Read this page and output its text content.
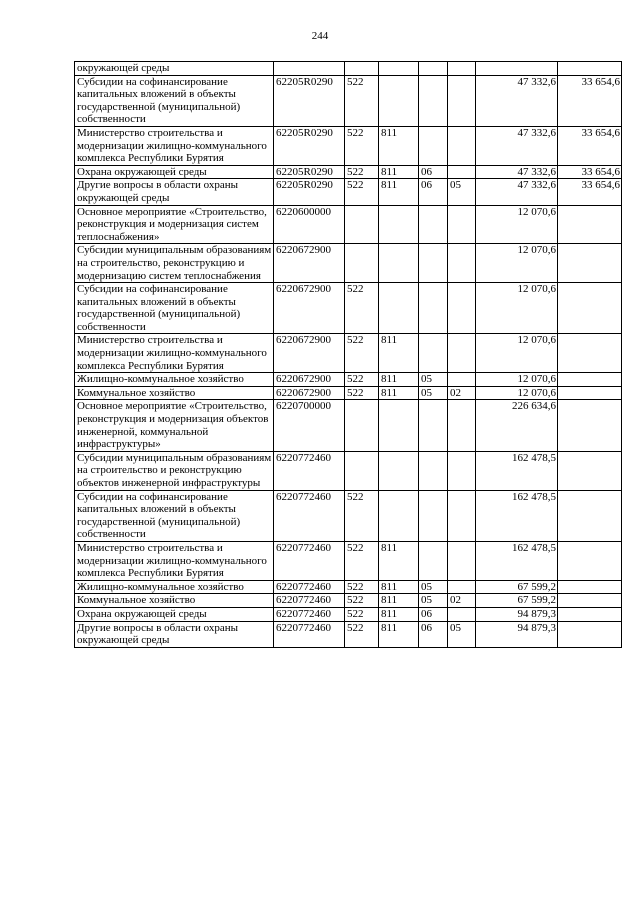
244
окружающей среды							
Субсидии на софинансирование капитальных вложений в объекты государственной (муниципальной) собственности	62205R0290	522				47 332,6	33 654,6
Министерство строительства и модернизации жилищно-коммунального комплекса Республики Бурятия	62205R0290	522	811			47 332,6	33 654,6
Охрана окружающей среды	62205R0290	522	811	06		47 332,6	33 654,6
Другие вопросы в области охраны окружающей среды	62205R0290	522	811	06	05	47 332,6	33 654,6
Основное мероприятие «Строительство, реконструкция и модернизация систем теплоснабжения»	6220600000					12 070,6	
Субсидии муниципальным образованиям на строительство, реконструкцию и модернизацию систем теплоснабжения	6220672900					12 070,6	
Субсидии на софинансирование капитальных вложений в объекты государственной (муниципальной) собственности	6220672900	522				12 070,6	
Министерство строительства и модернизации жилищно-коммунального комплекса Республики Бурятия	6220672900	522	811			12 070,6	
Жилищно-коммунальное хозяйство	6220672900	522	811	05		12 070,6	
Коммунальное хозяйство	6220672900	522	811	05	02	12 070,6	
Основное мероприятие «Строительство, реконструкция и модернизация объектов инженерной, коммунальной инфраструктуры»	6220700000					226 634,6	
Субсидии муниципальным образованиям на строительство и реконструкцию объектов инженерной инфраструктуры	6220772460					162 478,5	
Субсидии на софинансирование капитальных вложений в объекты государственной (муниципальной) собственности	6220772460	522				162 478,5	
Министерство строительства и модернизации жилищно-коммунального комплекса Республики Бурятия	6220772460	522	811			162 478,5	
Жилищно-коммунальное хозяйство	6220772460	522	811	05		67 599,2	
Коммунальное хозяйство	6220772460	522	811	05	02	67 599,2	
Охрана окружающей среды	6220772460	522	811	06		94 879,3	
Другие вопросы в области охраны окружающей среды	6220772460	522	811	06	05	94 879,3	
